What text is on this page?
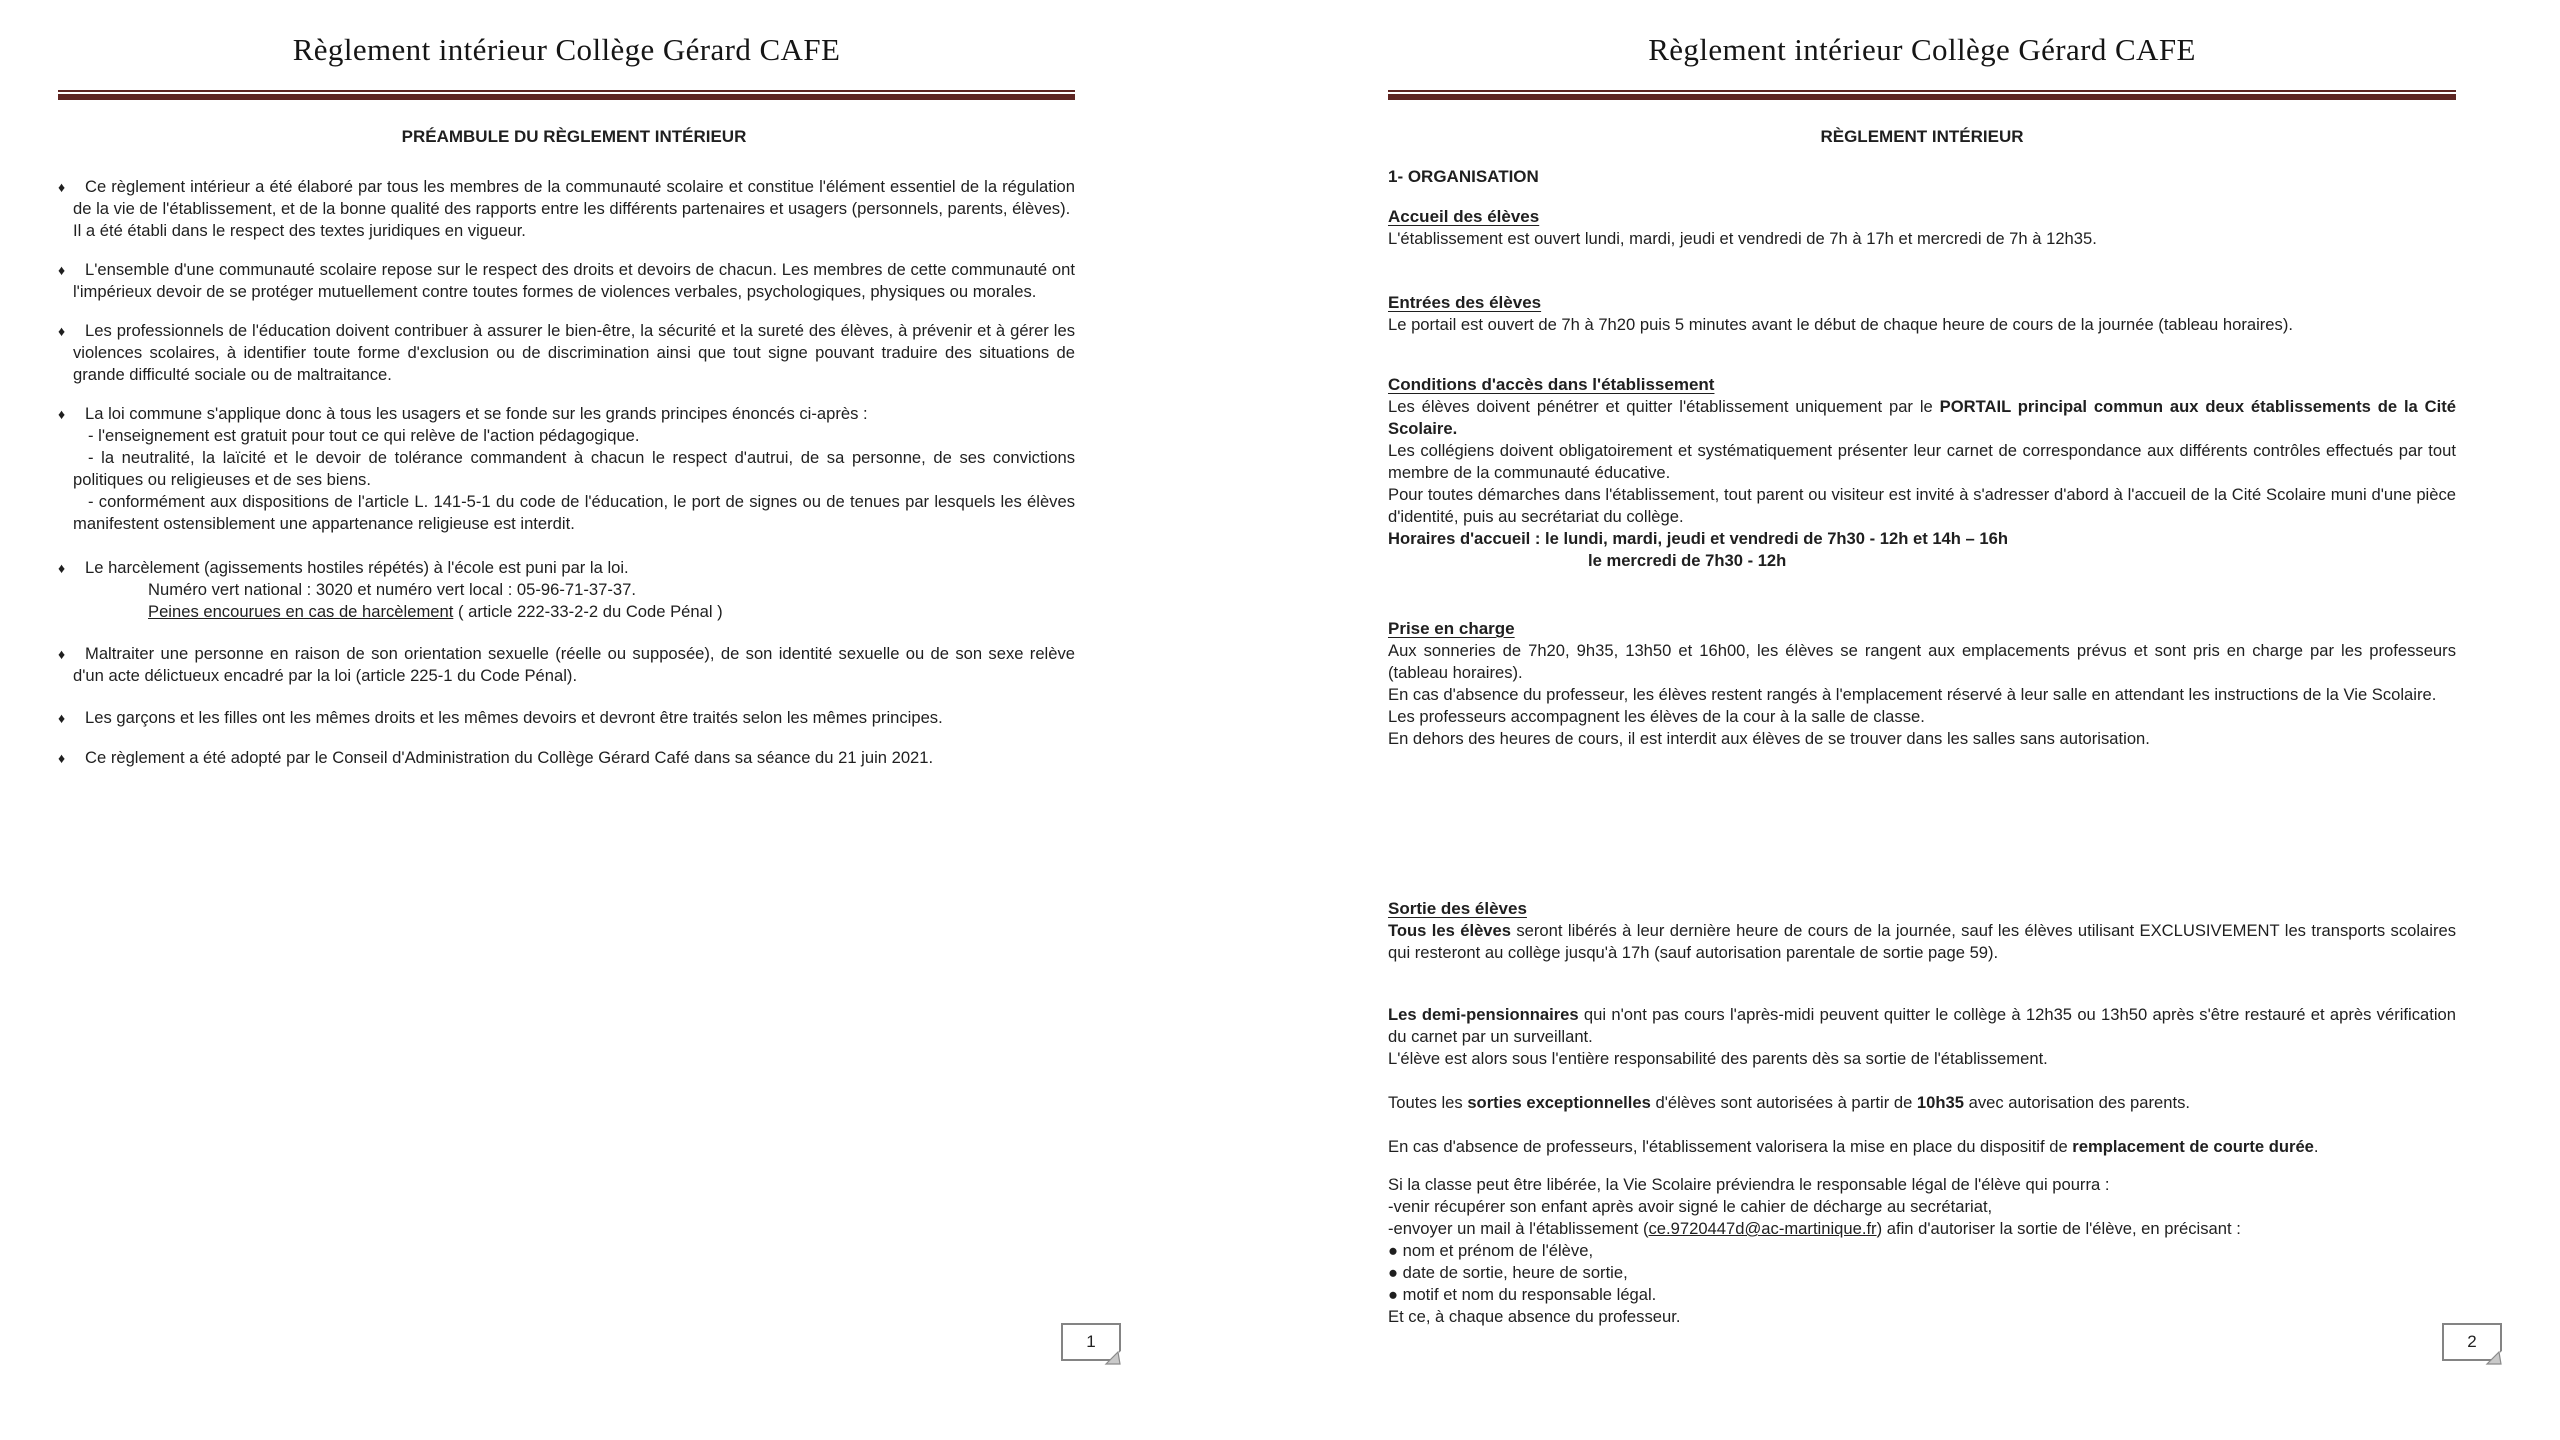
Règlement intérieur Collège Gérard CAFE
PRÉAMBULE DU RÈGLEMENT INTÉRIEUR
♦ Ce règlement intérieur a été élaboré par tous les membres de la communauté scolaire et constitue l'élément essentiel de la régulation de la vie de l'établissement, et de la bonne qualité des rapports entre les différents partenaires et usagers (personnels, parents, élèves).
Il a été établi dans le respect des textes juridiques en vigueur.
♦ L'ensemble d'une communauté scolaire repose sur le respect des droits et devoirs de chacun. Les membres de cette communauté ont l'impérieux devoir de se protéger mutuellement contre toutes formes de violences verbales, psychologiques, physiques ou morales.
♦ Les professionnels de l'éducation doivent contribuer à assurer le bien-être, la sécurité et la sureté des élèves, à prévenir et à gérer les violences scolaires, à identifier toute forme d'exclusion ou de discrimination ainsi que tout signe pouvant traduire des situations de grande difficulté sociale ou de maltraitance.
♦ La loi commune s'applique donc à tous les usagers et se fonde sur les grands principes énoncés ci-après :
- l'enseignement est gratuit pour tout ce qui relève de l'action pédagogique.
- la neutralité, la laïcité et le devoir de tolérance commandent à chacun le respect d'autrui, de sa personne, de ses convictions politiques ou religieuses et de ses biens.
- conformément aux dispositions de l'article L. 141-5-1 du code de l'éducation, le port de signes ou de tenues par lesquels les élèves manifestent ostensiblement une appartenance religieuse est interdit.
♦ Le harcèlement (agissements hostiles répétés) à l'école est puni par la loi.
Numéro vert national : 3020 et numéro vert local : 05-96-71-37-37.
Peines encourues en cas de harcèlement ( article 222-33-2-2 du Code Pénal )
♦ Maltraiter une personne en raison de son orientation sexuelle (réelle ou supposée), de son identité sexuelle ou de son sexe relève d'un acte délictueux encadré par la loi (article 225-1 du Code Pénal).
♦ Les garçons et les filles ont les mêmes droits et les mêmes devoirs et devront être traités selon les mêmes principes.
♦ Ce règlement a été adopté par le Conseil d'Administration du Collège Gérard Café dans sa séance du 21 juin 2021.
1
Règlement intérieur Collège Gérard CAFE
RÈGLEMENT INTÉRIEUR
1- ORGANISATION
Accueil des élèves
L'établissement est ouvert lundi, mardi, jeudi et vendredi de 7h à 17h et mercredi de 7h à 12h35.
Entrées des élèves
Le portail est ouvert de 7h à 7h20 puis 5 minutes avant le début de chaque heure de cours de la journée (tableau horaires).
Conditions d'accès dans l'établissement
Les élèves doivent pénétrer et quitter l'établissement uniquement par le PORTAIL principal commun aux deux établissements de la Cité Scolaire.
Les collégiens doivent obligatoirement et systématiquement présenter leur carnet de correspondance aux différents contrôles effectués par tout membre de la communauté éducative.
Pour toutes démarches dans l'établissement, tout parent ou visiteur est invité à s'adresser d'abord à l'accueil de la Cité Scolaire muni d'une pièce d'identité, puis au secrétariat du collège.
Horaires d'accueil : le lundi, mardi, jeudi et vendredi de 7h30 - 12h et 14h – 16h
le mercredi de 7h30 - 12h
Prise en charge
Aux sonneries de 7h20, 9h35, 13h50 et 16h00, les élèves se rangent aux emplacements prévus et sont pris en charge par les professeurs (tableau horaires).
En cas d'absence du professeur, les élèves restent rangés à l'emplacement réservé à leur salle en attendant les instructions de la Vie Scolaire.
Les professeurs accompagnent les élèves de la cour à la salle de classe.
En dehors des heures de cours, il est interdit aux élèves de se trouver dans les salles sans autorisation.
Sortie des élèves
Tous les élèves seront libérés à leur dernière heure de cours de la journée, sauf les élèves utilisant EXCLUSIVEMENT les transports scolaires qui resteront au collège jusqu'à 17h (sauf autorisation parentale de sortie page 59).
Les demi-pensionnaires qui n'ont pas cours l'après-midi peuvent quitter le collège à 12h35 ou 13h50 après s'être restauré et après vérification du carnet par un surveillant.
L'élève est alors sous l'entière responsabilité des parents dès sa sortie de l'établissement.
Toutes les sorties exceptionnelles d'élèves sont autorisées à partir de 10h35 avec autorisation des parents.
En cas d'absence de professeurs, l'établissement valorisera la mise en place du dispositif de remplacement de courte durée.
Si la classe peut être libérée, la Vie Scolaire préviendra le responsable légal de l'élève qui pourra :
-venir récupérer son enfant après avoir signé le cahier de décharge au secrétariat,
-envoyer un mail à l'établissement (ce.9720447d@ac-martinique.fr) afin d'autoriser la sortie de l'élève, en précisant :
● nom et prénom de l'élève,
● date de sortie, heure de sortie,
● motif et nom du responsable légal.
Et ce, à chaque absence du professeur.
2
